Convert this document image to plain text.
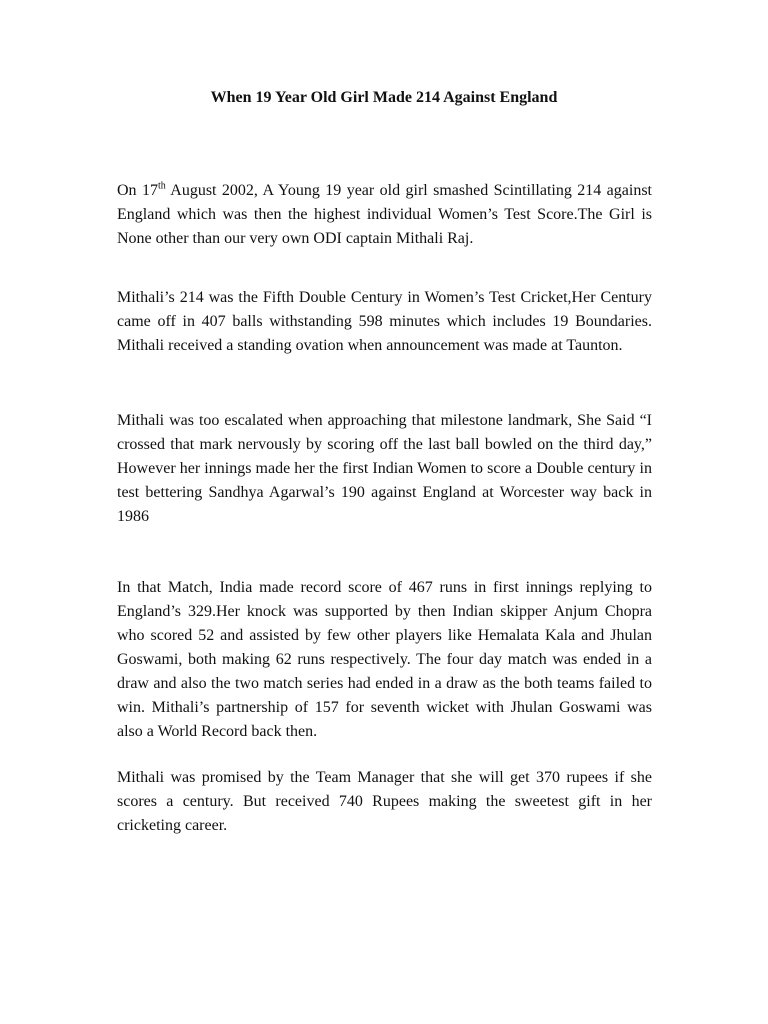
When 19 Year Old Girl Made 214 Against England

On 17th August 2002, A Young 19 year old girl smashed Scintillating 214 against England which was then the highest individual Women’s Test Score.The Girl is None other than our very own ODI captain Mithali Raj.

Mithali’s 214 was the Fifth Double Century in Women’s Test Cricket,Her Century came off in 407 balls withstanding 598 minutes which includes 19 Boundaries. Mithali received a standing ovation when announcement was made at Taunton.

Mithali was too escalated when approaching that milestone landmark, She Said “I crossed that mark nervously by scoring off the last ball bowled on the third day,” However her innings made her the first Indian Women to score a Double century in test bettering Sandhya Agarwal’s 190 against England at Worcester way back in 1986

In that Match, India made record score of 467 runs in first innings replying to England’s 329.Her knock was supported by then Indian skipper Anjum Chopra who scored 52 and assisted by few other players like Hemalata Kala and Jhulan Goswami, both making 62 runs respectively. The four day match was ended in a draw and also the two match series had ended in a draw as the both teams failed to win. Mithali’s partnership of 157 for seventh wicket with Jhulan Goswami was also a World Record back then.

Mithali was promised by the Team Manager that she will get 370 rupees if she scores a century. But received 740 Rupees making the sweetest gift in her cricketing career.
